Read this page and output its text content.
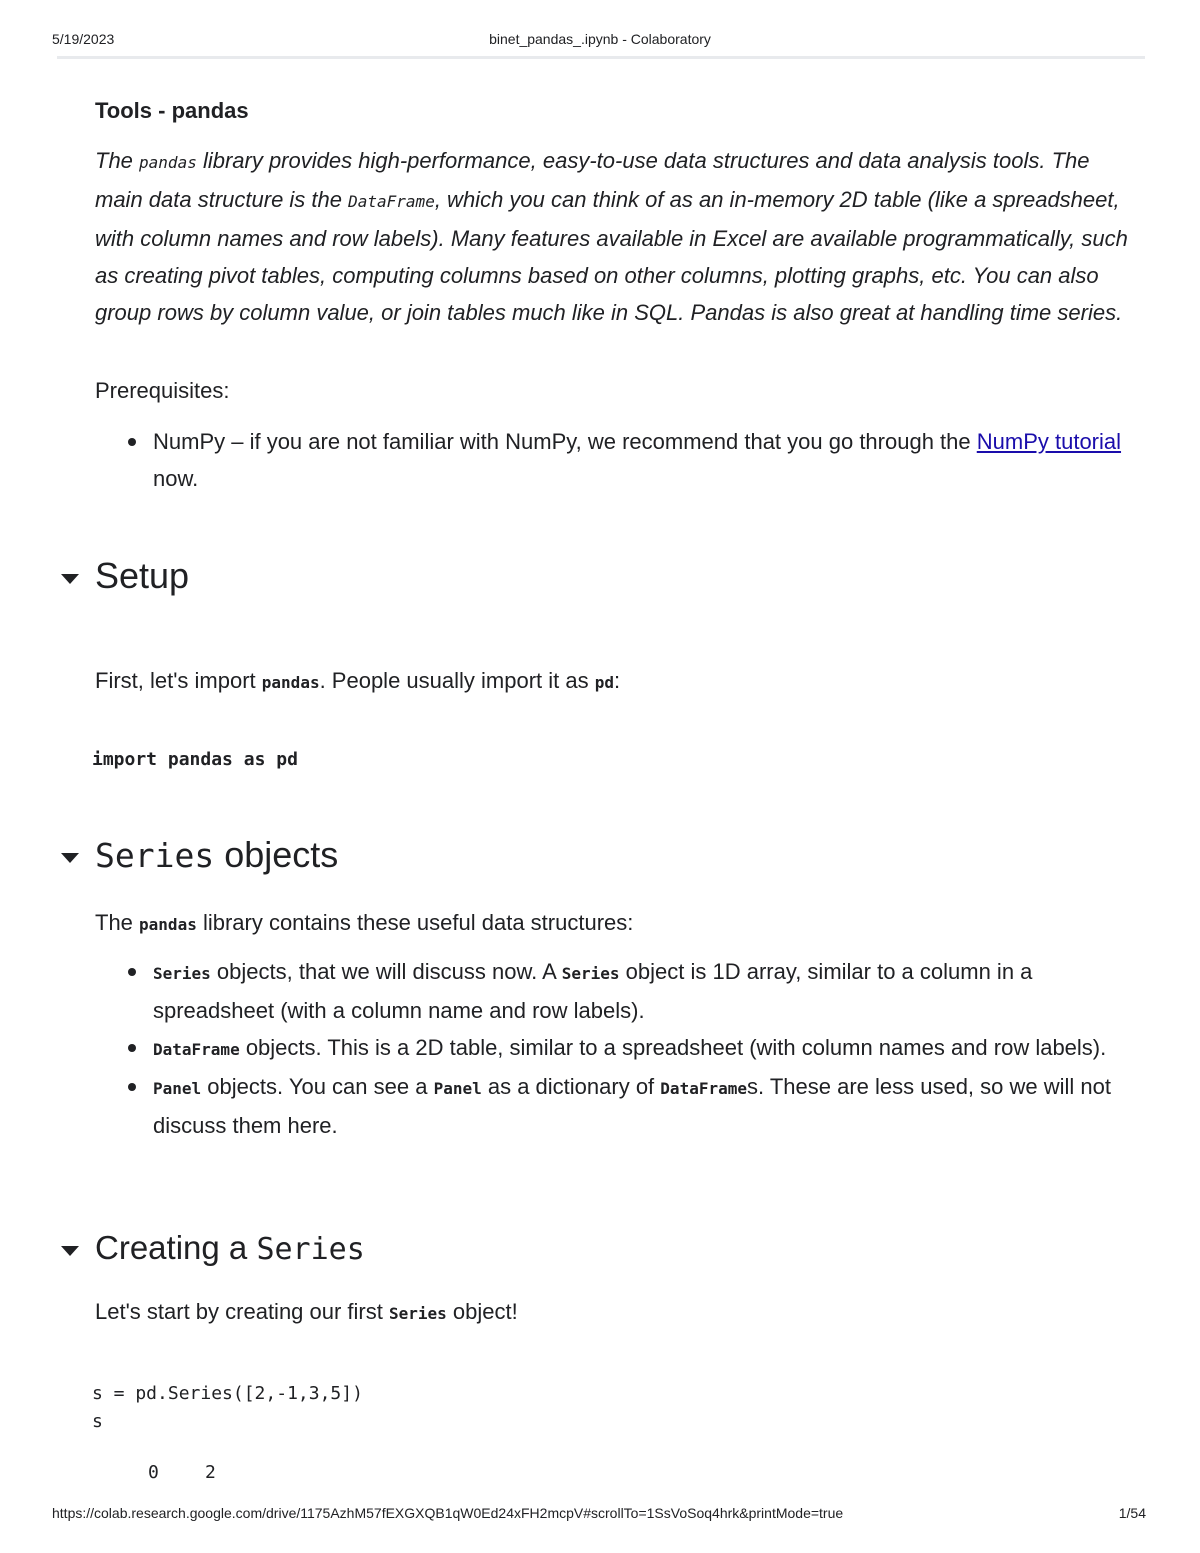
5/19/2023	binet_pandas_.ipynb - Colaboratory
Tools - pandas
The pandas library provides high-performance, easy-to-use data structures and data analysis tools. The main data structure is the DataFrame, which you can think of as an in-memory 2D table (like a spreadsheet, with column names and row labels). Many features available in Excel are available programmatically, such as creating pivot tables, computing columns based on other columns, plotting graphs, etc. You can also group rows by column value, or join tables much like in SQL. Pandas is also great at handling time series.
Prerequisites:
NumPy – if you are not familiar with NumPy, we recommend that you go through the NumPy tutorial now.
Setup
First, let's import pandas. People usually import it as pd:
import pandas as pd
Series objects
The pandas library contains these useful data structures:
Series objects, that we will discuss now. A Series object is 1D array, similar to a column in a spreadsheet (with a column name and row labels).
DataFrame objects. This is a 2D table, similar to a spreadsheet (with column names and row labels).
Panel objects. You can see a Panel as a dictionary of DataFrames. These are less used, so we will not discuss them here.
Creating a Series
Let's start by creating our first Series object!
s = pd.Series([2,-1,3,5])
s
0	2
https://colab.research.google.com/drive/1175AzhM57fEXGXQB1qW0Ed24xFH2mcpV#scrollTo=1SsVoSoq4hrk&printMode=true	1/54
